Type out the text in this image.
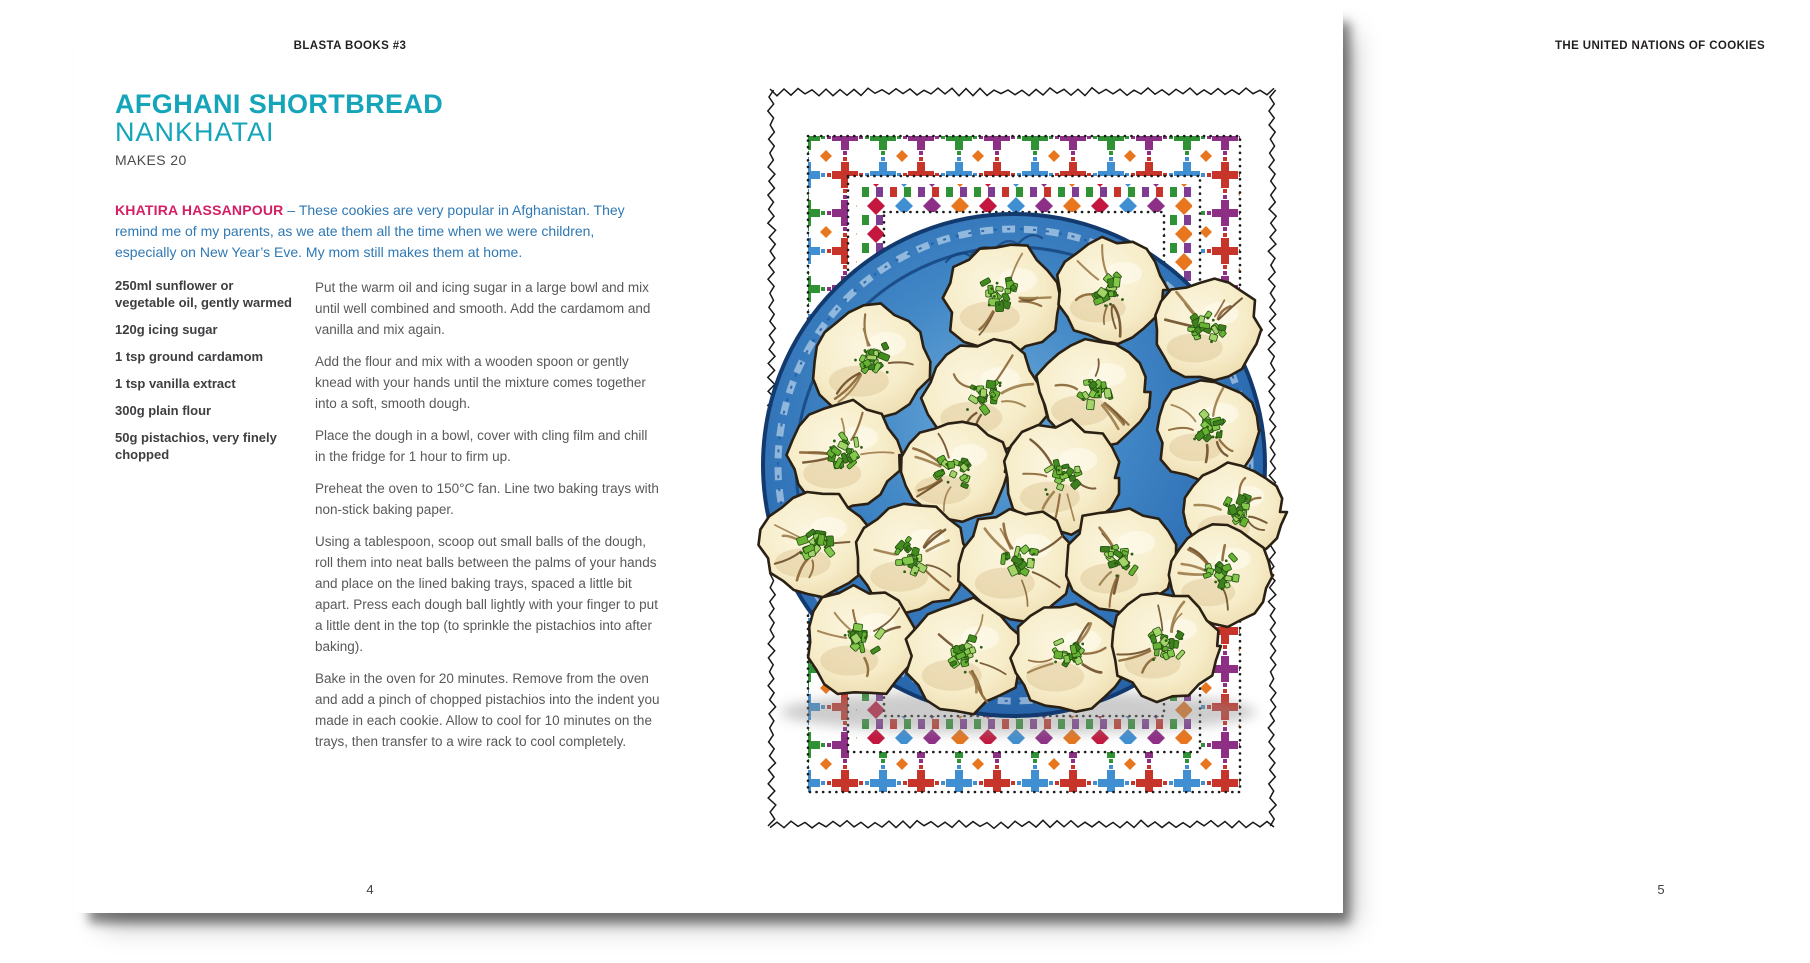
BLASTA BOOKS #3
AFGHANI SHORTBREAD
NANKHATAI
MAKES 20

KHATIRA HASSANPOUR – These cookies are very popular in Afghanistan. They remind me of my parents, as we ate them all the time when we were children, especially on New Year’s Eve. My mom still makes them at home.

250ml sunflower or vegetable oil, gently warmed

120g icing sugar

1 tsp ground cardamom

1 tsp vanilla extract

300g plain flour

50g pistachios, very finely chopped

Put the warm oil and icing sugar in a large bowl and mix until well combined and smooth. Add the cardamom and vanilla and mix again.

Add the flour and mix with a wooden spoon or gently knead with your hands until the mixture comes together into a soft, smooth dough.

Place the dough in a bowl, cover with cling film and chill in the fridge for 1 hour to firm up.

Preheat the oven to 150°C fan. Line two baking trays with non-stick baking paper.

Using a tablespoon, scoop out small balls of the dough, roll them into neat balls between the palms of your hands and place on the lined baking trays, spaced a little bit apart. Press each dough ball lightly with your finger to put a little dent in the top (to sprinkle the pistachios into after baking).

Bake in the oven for 20 minutes. Remove from the oven and add a pinch of chopped pistachios into the indent you made in each cookie. Allow to cool for 10 minutes on the trays, then transfer to a wire rack to cool completely.

4
THE UNITED NATIONS OF COOKIES
5
